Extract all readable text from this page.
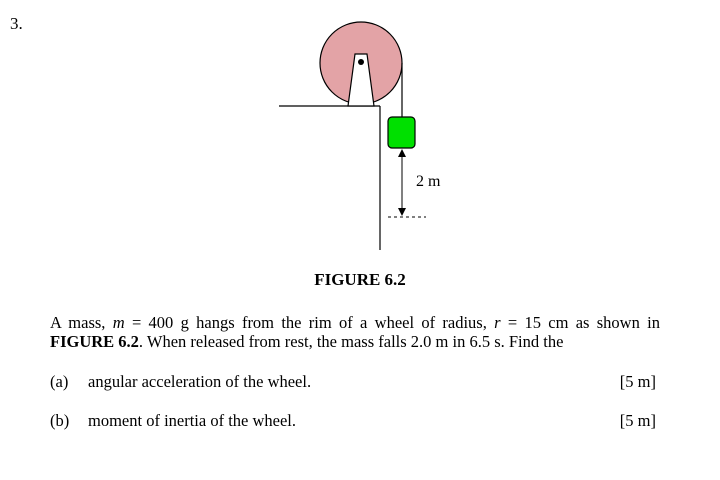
3.
2 m
FIGURE 6.2
A mass, m = 400 g hangs from the rim of a wheel of radius, r = 15 cm as shown in FIGURE 6.2. When released from rest, the mass falls 2.0 m in 6.5 s. Find the
(a) angular acceleration of the wheel.	[5 m]
(b) moment of inertia of the wheel.	[5 m]
